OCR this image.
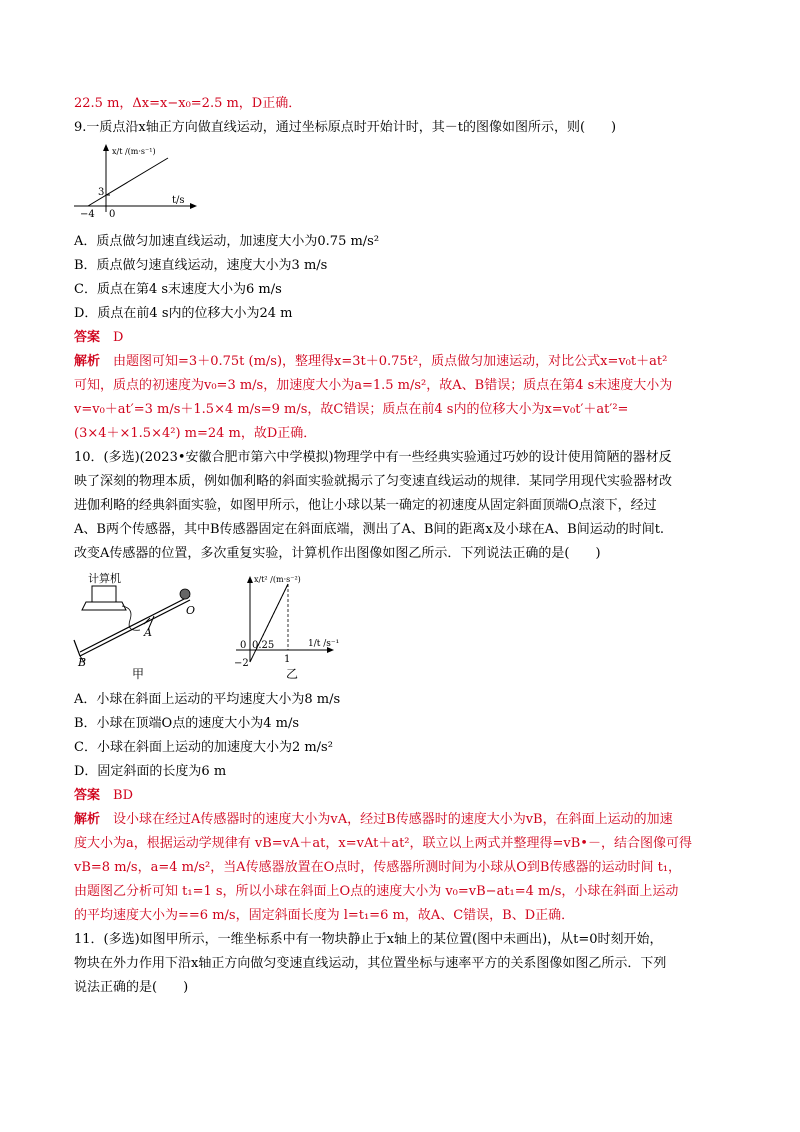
22.5 m，Δx=x−x₀=2.5 m，D正确．
9.一质点沿x轴正方向做直线运动，通过坐标原点时开始计时，其－t的图像如图所示，则(　　)
x/t /(m·s⁻¹)
3
−4 0
t/s
A．质点做匀加速直线运动，加速度大小为0.75 m/s²
B．质点做匀速直线运动，速度大小为3 m/s
C．质点在第4 s末速度大小为6 m/s
D．质点在前4 s内的位移大小为24 m
答案　 D
解析　 由题图可知=3＋0.75t (m/s)，整理得x=3t＋0.75t²，质点做匀加速运动，对比公式x=v₀t＋at²
可知，质点的初速度为v₀=3 m/s，加速度大小为a=1.5 m/s²，故A、B错误；质点在第4 s末速度大小为
v=v₀＋at′=3 m/s＋1.5×4 m/s=9 m/s，故C错误；质点在前4 s内的位移大小为x=v₀t′＋at′²=
(3×4＋×1.5×4²) m=24 m，故D正确．
10．(多选)(2023•安徽合肥市第六中学模拟)物理学中有一些经典实验通过巧妙的设计使用简陋的器材反
映了深刻的物理本质，例如伽利略的斜面实验就揭示了匀变速直线运动的规律．某同学用现代实验器材改
进伽利略的经典斜面实验，如图甲所示，他让小球以某一确定的初速度从固定斜面顶端O点滚下，经过
A、B两个传感器，其中B传感器固定在斜面底端，测出了A、B间的距离x及小球在A、B间运动的时间t.
改变A传感器的位置，多次重复实验，计算机作出图像如图乙所示．下列说法正确的是(　　)
计算机
O
A
B
甲
x/t² /(m·s⁻²)
0 0.25
1
−2
1/t /s⁻¹
乙
A．小球在斜面上运动的平均速度大小为8 m/s
B．小球在顶端O点的速度大小为4 m/s
C．小球在斜面上运动的加速度大小为2 m/s²
D．固定斜面的长度为6 m
答案　 BD
解析　 设小球在经过A传感器时的速度大小为vA，经过B传感器时的速度大小为vB，在斜面上运动的加速
度大小为a，根据运动学规律有 vB=vA＋at，x=vAt＋at²，联立以上两式并整理得=vB•－，结合图像可得
vB=8 m/s，a=4 m/s²，当A传感器放置在O点时，传感器所测时间为小球从O到B传感器的运动时间 t₁，
由题图乙分析可知 t₁=1 s，所以小球在斜面上O点的速度大小为 v₀=vB−at₁=4 m/s，小球在斜面上运动
的平均速度大小为==6 m/s，固定斜面长度为 l=t₁=6 m，故A、C错误，B、D正确．
11．(多选)如图甲所示，一维坐标系中有一物块静止于x轴上的某位置(图中未画出)，从t=0时刻开始，
物块在外力作用下沿x轴正方向做匀变速直线运动，其位置坐标与速率平方的关系图像如图乙所示．下列
说法正确的是(　　)
